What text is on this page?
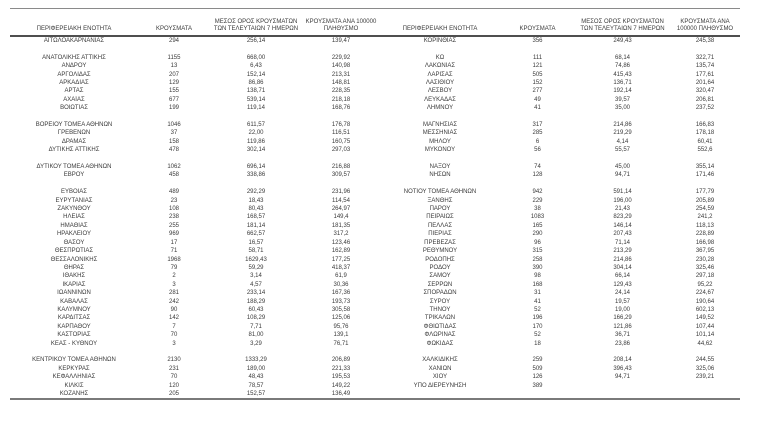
ΠΕΡΙΦΕΡΕΙΑΚΗ ΕΝΟΤΗΤΑ	ΚΡΟΥΣΜΑΤΑ	ΜΕΣΟΣ ΟΡΟΣ ΚΡΟΥΣΜΑΤΩΝ ΤΩΝ ΤΕΛΕΥΤΑΙΩΝ 7 ΗΜΕΡΩΝ	ΚΡΟΥΣΜΑΤΑ ΑΝΑ 100000 ΠΛΗΘΥΣΜΟ	ΠΕΡΙΦΕΡΕΙΑΚΗ ΕΝΟΤΗΤΑ	ΚΡΟΥΣΜΑΤΑ	ΜΕΣΟΣ ΟΡΟΣ ΚΡΟΥΣΜΑΤΩΝ ΤΩΝ ΤΕΛΕΥΤΑΙΩΝ 7 ΗΜΕΡΩΝ	ΚΡΟΥΣΜΑΤΑ ΑΝΑ 100000 ΠΛΗΘΥΣΜΟ
ΑΙΤΩΛΟΑΚΑΡΝΑΝΙΑΣ	294	256,14	139,47	ΚΟΡΙΝΘΙΑΣ	356	249,43	245,38

ΑΝΑΤΟΛΙΚΗΣ ΑΤΤΙΚΗΣ	1155	668,00	229,92	ΚΩ	111	68,14	322,71
ΑΝΔΡΟΥ	13	6,43	140,98	ΛΑΚΩΝΙΑΣ	121	74,86	135,74
ΑΡΓΟΛΙΔΑΣ	207	152,14	213,31	ΛΑΡΙΣΑΣ	505	415,43	177,61
ΑΡΚΑΔΙΑΣ	129	86,86	148,81	ΛΑΣΙΘΙΟΥ	152	136,71	201,64
ΑΡΤΑΣ	155	138,71	228,35	ΛΕΣΒΟΥ	277	192,14	320,47
ΑΧΑΪΑΣ	677	539,14	218,18	ΛΕΥΚΑΔΑΣ	49	39,57	206,81
ΒΟΙΩΤΙΑΣ	199	119,14	168,76	ΛΗΜΝΟΥ	41	35,00	237,52

ΒΟΡΕΙΟΥ ΤΟΜΕΑ ΑΘΗΝΩΝ	1046	611,57	176,78	ΜΑΓΝΗΣΙΑΣ	317	214,86	166,83
ΓΡΕΒΕΝΩΝ	37	22,00	116,51	ΜΕΣΣΗΝΙΑΣ	285	219,29	178,18
ΔΡΑΜΑΣ	158	119,86	160,75	ΜΗΛΟΥ	6	4,14	60,41
ΔΥΤΙΚΗΣ ΑΤΤΙΚΗΣ	478	302,14	297,03	ΜΥΚΟΝΟΥ	56	55,57	552,6

ΔΥΤΙΚΟΥ ΤΟΜΕΑ ΑΘΗΝΩΝ	1062	696,14	216,88	ΝΑΞΟΥ	74	45,00	355,14
ΕΒΡΟΥ	458	338,86	309,57	ΝΗΣΩΝ	128	94,71	171,46

ΕΥΒΟΙΑΣ	489	292,29	231,96	ΝΟΤΙΟΥ ΤΟΜΕΑ ΑΘΗΝΩΝ	942	591,14	177,79
ΕΥΡΥΤΑΝΙΑΣ	23	18,43	114,54	ΞΑΝΘΗΣ	229	196,00	205,89
ΖΑΚΥΝΘΟΥ	108	80,43	264,97	ΠΑΡΟΥ	38	21,43	254,59
ΗΛΕΙΑΣ	238	168,57	149,4	ΠΕΙΡΑΙΩΣ	1083	823,29	241,2
ΗΜΑΘΙΑΣ	255	181,14	181,35	ΠΕΛΛΑΣ	165	146,14	118,13
ΗΡΑΚΛΕΙΟΥ	969	662,57	317,2	ΠΙΕΡΙΑΣ	290	207,43	228,89
ΘΑΣΟΥ	17	16,57	123,46	ΠΡΕΒΕΖΑΣ	96	71,14	166,98
ΘΕΣΠΡΩΤΙΑΣ	71	58,71	162,89	ΡΕΘΥΜΝΟΥ	315	213,29	367,95
ΘΕΣΣΑΛΟΝΙΚΗΣ	1968	1629,43	177,25	ΡΟΔΟΠΗΣ	258	214,86	230,28
ΘΗΡΑΣ	79	59,29	418,37	ΡΟΔΟΥ	390	304,14	325,46
ΙΘΑΚΗΣ	2	3,14	61,9	ΣΑΜΟΥ	98	66,14	297,18
ΙΚΑΡΙΑΣ	3	4,57	30,36	ΣΕΡΡΩΝ	168	129,43	95,22
ΙΩΑΝΝΙΝΩΝ	281	233,14	167,36	ΣΠΟΡΑΔΩΝ	31	24,14	224,67
ΚΑΒΑΛΑΣ	242	188,29	193,73	ΣΥΡΟΥ	41	19,57	190,64
ΚΑΛΥΜΝΟΥ	90	60,43	305,58	ΤΗΝΟΥ	52	19,00	602,13
ΚΑΡΔΙΤΣΑΣ	142	108,29	125,06	ΤΡΙΚΑΛΩΝ	196	166,29	149,52
ΚΑΡΠΑΘΟΥ	7	7,71	95,76	ΦΘΙΩΤΙΔΑΣ	170	121,86	107,44
ΚΑΣΤΟΡΙΑΣ	70	81,00	139,1	ΦΛΩΡΙΝΑΣ	52	36,71	101,14
ΚΕΑΣ - ΚΥΘΝΟΥ	3	3,29	76,71	ΦΩΚΙΔΑΣ	18	23,86	44,62

ΚΕΝΤΡΙΚΟΥ ΤΟΜΕΑ ΑΘΗΝΩΝ	2130	1333,29	206,89	ΧΑΛΚΙΔΙΚΗΣ	259	208,14	244,55
ΚΕΡΚΥΡΑΣ	231	189,00	221,33	ΧΑΝΙΩΝ	509	396,43	325,06
ΚΕΦΑΛΛΗΝΙΑΣ	70	48,43	195,53	ΧΙΟΥ	126	94,71	239,21
ΚΙΛΚΙΣ	120	78,57	149,22	ΥΠΟ ΔΙΕΡΕΥΝΗΣΗ	389		
ΚΟΖΑΝΗΣ	205	152,57	136,49				
